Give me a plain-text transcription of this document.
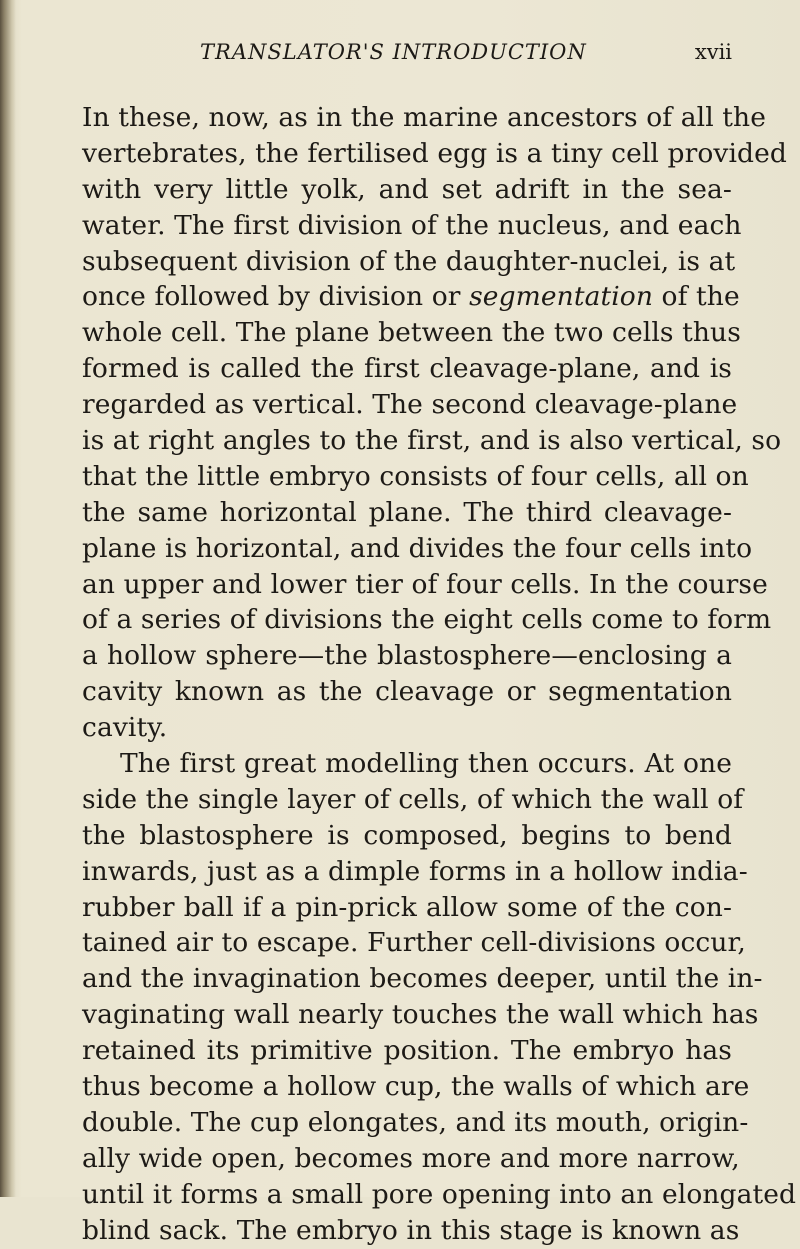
TRANSLATOR'S INTRODUCTION	xvii
In these, now, as in the marine ancestors of all the
vertebrates, the fertilised egg is a tiny cell provided
with very little yolk, and set adrift in the sea-
water. The first division of the nucleus, and each
subsequent division of the daughter-nuclei, is at
once followed by division or segmentation of the
whole cell. The plane between the two cells thus
formed is called the first cleavage-plane, and is
regarded as vertical. The second cleavage-plane
is at right angles to the first, and is also vertical, so
that the little embryo consists of four cells, all on
the same horizontal plane. The third cleavage-
plane is horizontal, and divides the four cells into
an upper and lower tier of four cells. In the course
of a series of divisions the eight cells come to form
a hollow sphere—the blastosphere—enclosing a
cavity known as the cleavage or segmentation
cavity.
The first great modelling then occurs. At one
side the single layer of cells, of which the wall of
the blastosphere is composed, begins to bend
inwards, just as a dimple forms in a hollow india-
rubber ball if a pin-prick allow some of the con-
tained air to escape. Further cell-divisions occur,
and the invagination becomes deeper, until the in-
vaginating wall nearly touches the wall which has
retained its primitive position. The embryo has
thus become a hollow cup, the walls of which are
double. The cup elongates, and its mouth, origin-
ally wide open, becomes more and more narrow,
until it forms a small pore opening into an elongated
blind sack. The embryo in this stage is known as
